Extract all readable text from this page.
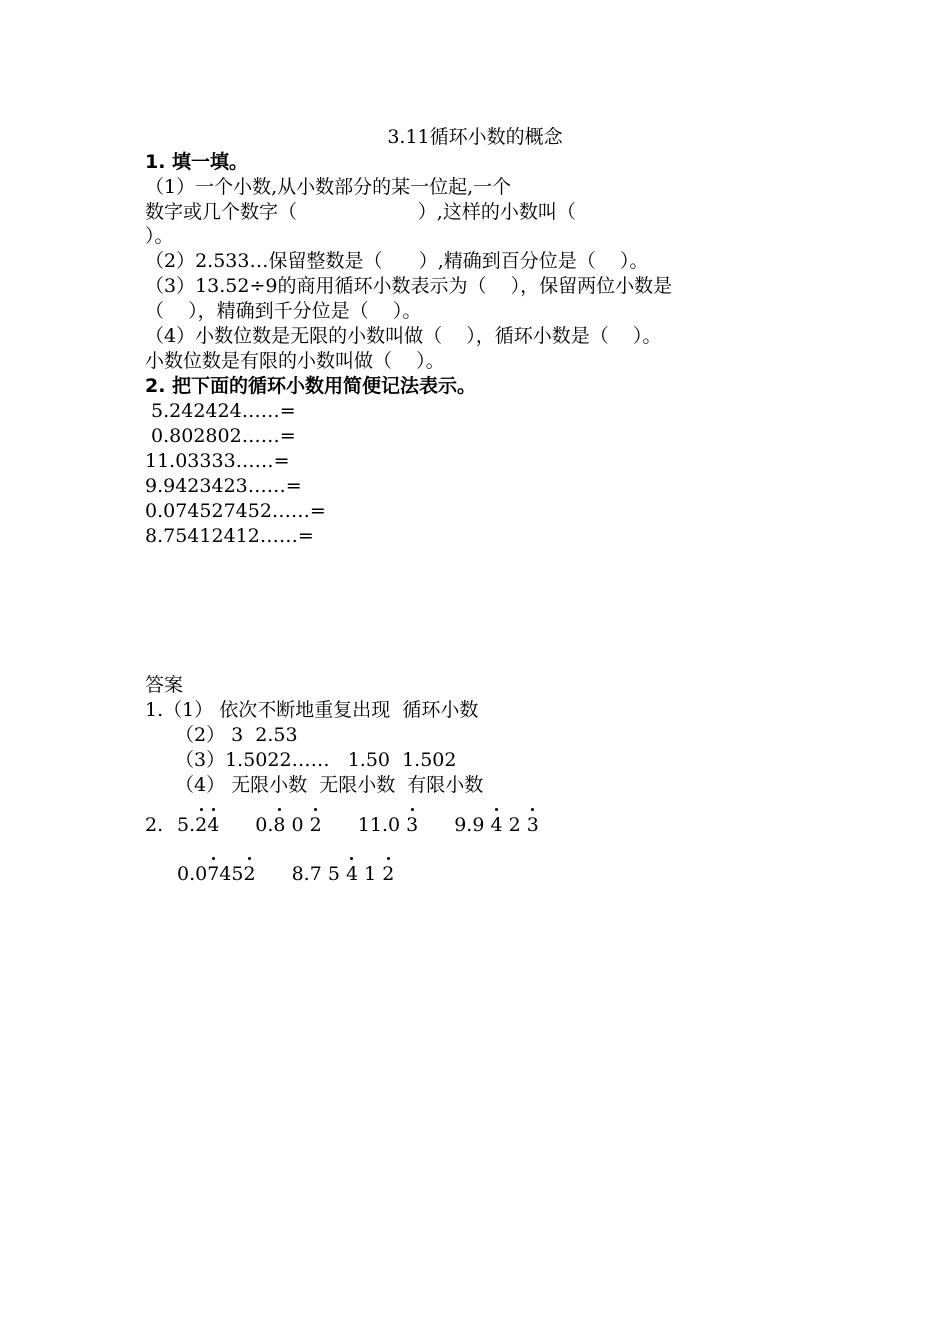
3.11循环小数的概念
1. 填一填。
（1）一个小数,从小数部分的某一位起,一个
数字或几个数字（                    ）,这样的小数叫（
）。
（2）2.533…保留整数是（      ）,精确到百分位是（    ）。
（3）13.52÷9的商用循环小数表示为（    ），保留两位小数是
（    ），精确到千分位是（    ）。
（4）小数位数是无限的小数叫做（    ），循环小数是（    ）。
小数位数是有限的小数叫做（    ）。
2. 把下面的循环小数用简便记法表示。
5.242424……=
0.802802……=
11.03333……=
9.9423423……=
0.074527452……=
8.75412412……=
答案
1.（1） 依次不断地重复出现  循环小数
（2） 3  2.53
（3）1.5022……   1.50  1.502
（4） 无限小数  无限小数  有限小数
2. 5. 24 0. 8 0 2 11.0 3 9.9 4 2 3
0.0 7452 8.7 5 4 1 2
